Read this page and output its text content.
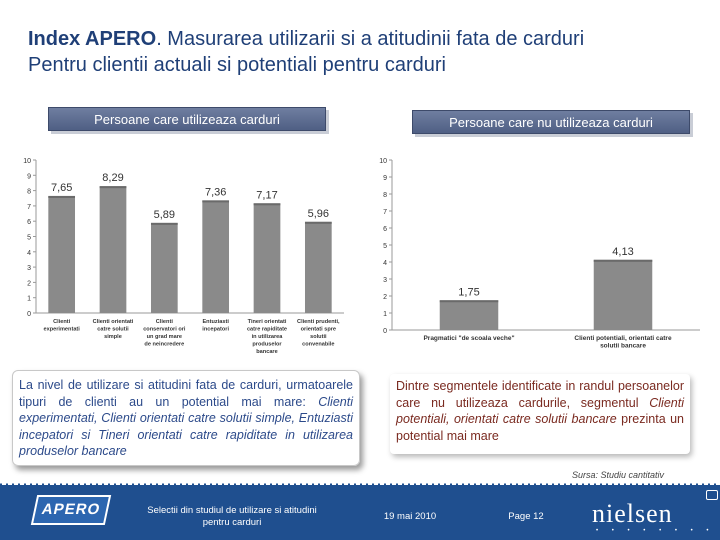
Index APERO. Masurarea utilizarii si a atitudinii fata de carduri
Pentru clientii actuali si potentiali pentru carduri
Persoane care utilizeaza carduri	Persoane care nu utilizeaza carduri
0
1
2
3
4
5
6
7
8
9
10
7,65
Clienti
experimentati
8,29
Clienti orientati
catre solutii
simple
5,89
Clienti
conservatori ori
un grad mare
de neincredere
7,36
Entuziasti
incepatori
7,17
Tineri orientati
catre rapiditate
in utilizarea
produselor
bancare
5,96
Clienti prudenti,
orientati spre
solutii
convenabile
0
1
2
3
4
5
6
7
8
9
10
1,75
Pragmatici "de scoala veche"
4,13
Clienti potentiali, orientati catre
solutii bancare
La nivel de utilizare si atitudini fata de carduri, urmatoarele tipuri de clienti au un potential mai mare: Clienti experimentati, Clienti orientati catre solutii simple, Entuziasti incepatori si Tineri orientati catre rapiditate in utilizarea produselor bancare
Dintre segmentele identificate in randul persoanelor care nu utilizeaza cardurile, segmentul Clienti potentiali, orientati catre solutii bancare prezinta un potential mai mare
Sursa: Studiu cantitativ
APERO	Selectii din studiul de utilizare si atitudini pentru carduri
19 mai 2010	Page 12 nielsen
• • • • • • • •
